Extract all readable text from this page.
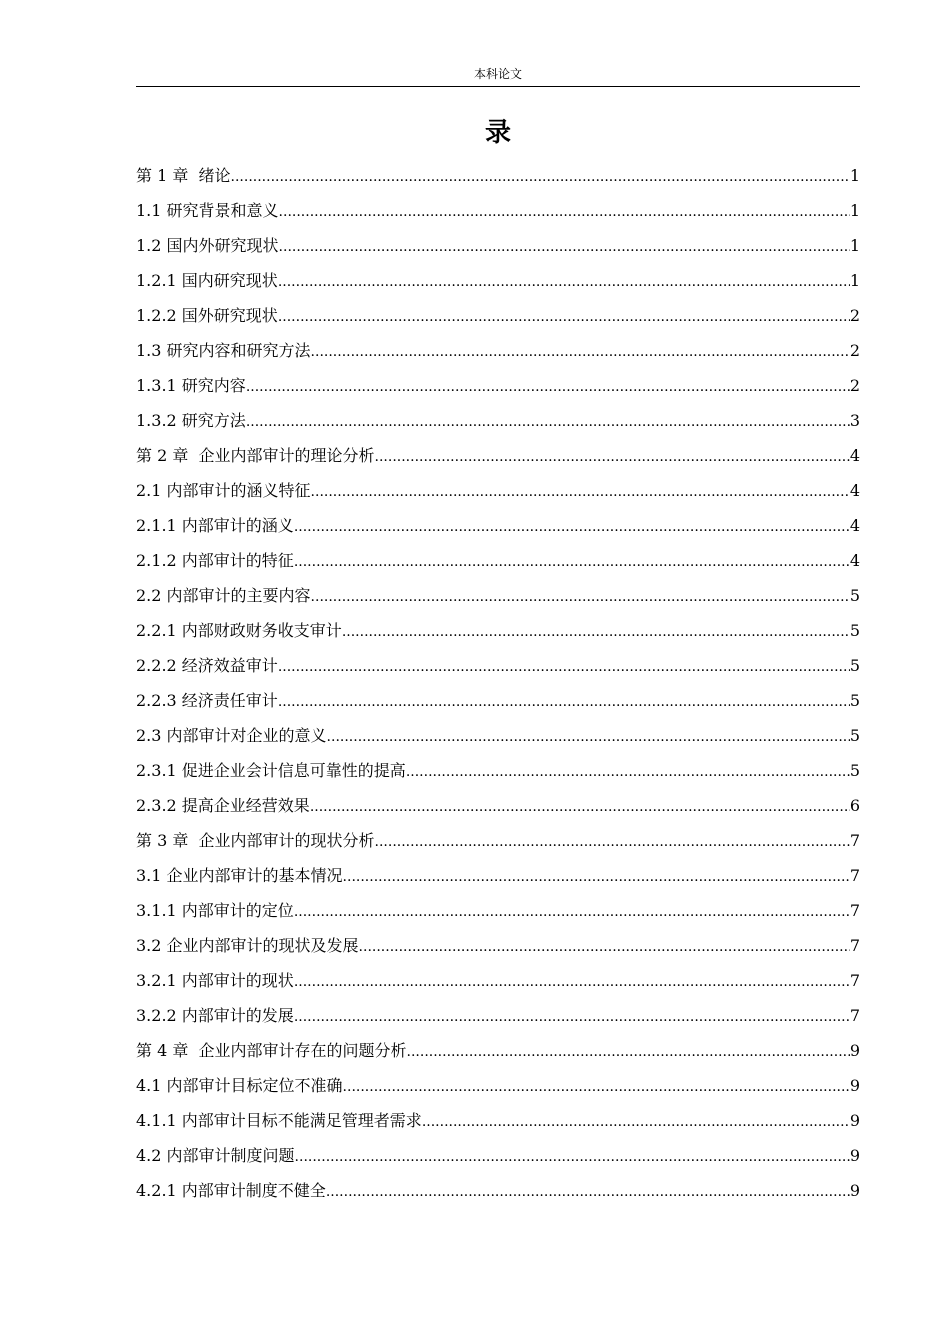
本科论文
录
第 1 章  绪论 .....	1
1.1 研究背景和意义 .....	1
1.2 国内外研究现状 .....	1
1.2.1 国内研究现状 .....	1
1.2.2 国外研究现状 .....	2
1.3 研究内容和研究方法 .....	2
1.3.1 研究内容 .....	2
1.3.2 研究方法 .....	3
第 2 章  企业内部审计的理论分析 .....	4
2.1 内部审计的涵义特征 .....	4
2.1.1 内部审计的涵义 .....	4
2.1.2 内部审计的特征 .....	4
2.2 内部审计的主要内容 .....	5
2.2.1 内部财政财务收支审计 .....	5
2.2.2 经济效益审计 .....	5
2.2.3 经济责任审计 .....	5
2.3 内部审计对企业的意义 .....	5
2.3.1 促进企业会计信息可靠性的提高 .....	5
2.3.2 提高企业经营效果 .....	6
第 3 章  企业内部审计的现状分析 .....	7
3.1 企业内部审计的基本情况 .....	7
3.1.1 内部审计的定位 .....	7
3.2 企业内部审计的现状及发展 .....	7
3.2.1 内部审计的现状 .....	7
3.2.2 内部审计的发展 .....	7
第 4 章  企业内部审计存在的问题分析 .....	9
4.1 内部审计目标定位不准确 .....	9
4.1.1 内部审计目标不能满足管理者需求 .....	9
4.2 内部审计制度问题 .....	9
4.2.1 内部审计制度不健全 .....	9
